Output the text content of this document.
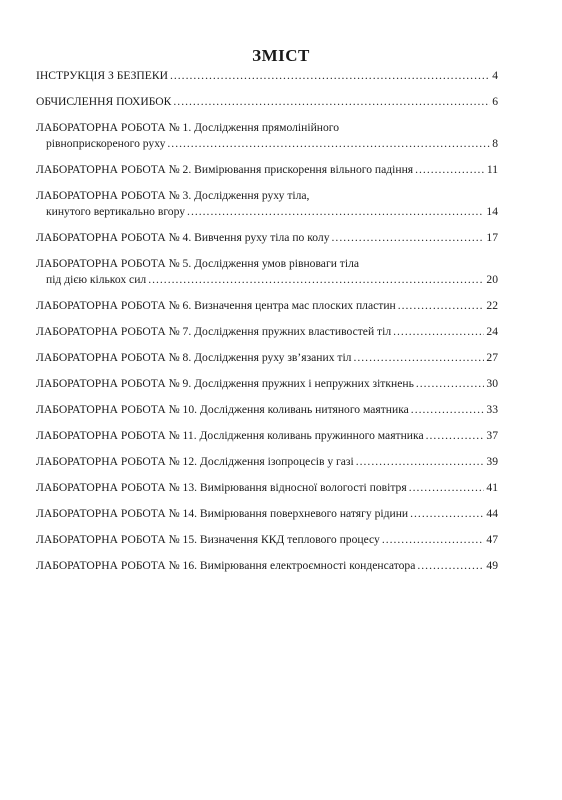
ЗМІСТ
ІНСТРУКЦІЯ З БЕЗПЕКИ .....	4
ОБЧИСЛЕННЯ ПОХИБОК .....	6
ЛАБОРАТОРНА РОБОТА № 1. Дослідження прямолінійного
рівноприскореного руху .....	8
ЛАБОРАТОРНА РОБОТА № 2. Вимірювання прискорення вільного падіння .....	11
ЛАБОРАТОРНА РОБОТА № 3. Дослідження руху тіла,
кинутого вертикально вгору .....	14
ЛАБОРАТОРНА РОБОТА № 4. Вивчення руху тіла по колу .....	17
ЛАБОРАТОРНА РОБОТА № 5. Дослідження умов рівноваги тіла
під дією кількох сил .....	20
ЛАБОРАТОРНА РОБОТА № 6. Визначення центра мас плоских пластин .....	22
ЛАБОРАТОРНА РОБОТА № 7. Дослідження пружних властивостей тіл .....	24
ЛАБОРАТОРНА РОБОТА № 8. Дослідження руху зв’язаних тіл .....	27
ЛАБОРАТОРНА РОБОТА № 9. Дослідження пружних і непружних зіткнень .....	30
ЛАБОРАТОРНА РОБОТА № 10. Дослідження коливань нитяного маятника .....	33
ЛАБОРАТОРНА РОБОТА № 11. Дослідження коливань пружинного маятника .....	37
ЛАБОРАТОРНА РОБОТА № 12. Дослідження ізопроцесів у газі .....	39
ЛАБОРАТОРНА РОБОТА № 13. Вимірювання відносної вологості повітря .....	41
ЛАБОРАТОРНА РОБОТА № 14. Вимірювання поверхневого натягу рідини .....	44
ЛАБОРАТОРНА РОБОТА № 15. Визначення ККД теплового процесу .....	47
ЛАБОРАТОРНА РОБОТА № 16. Вимірювання електроємності конденсатора .....	49
